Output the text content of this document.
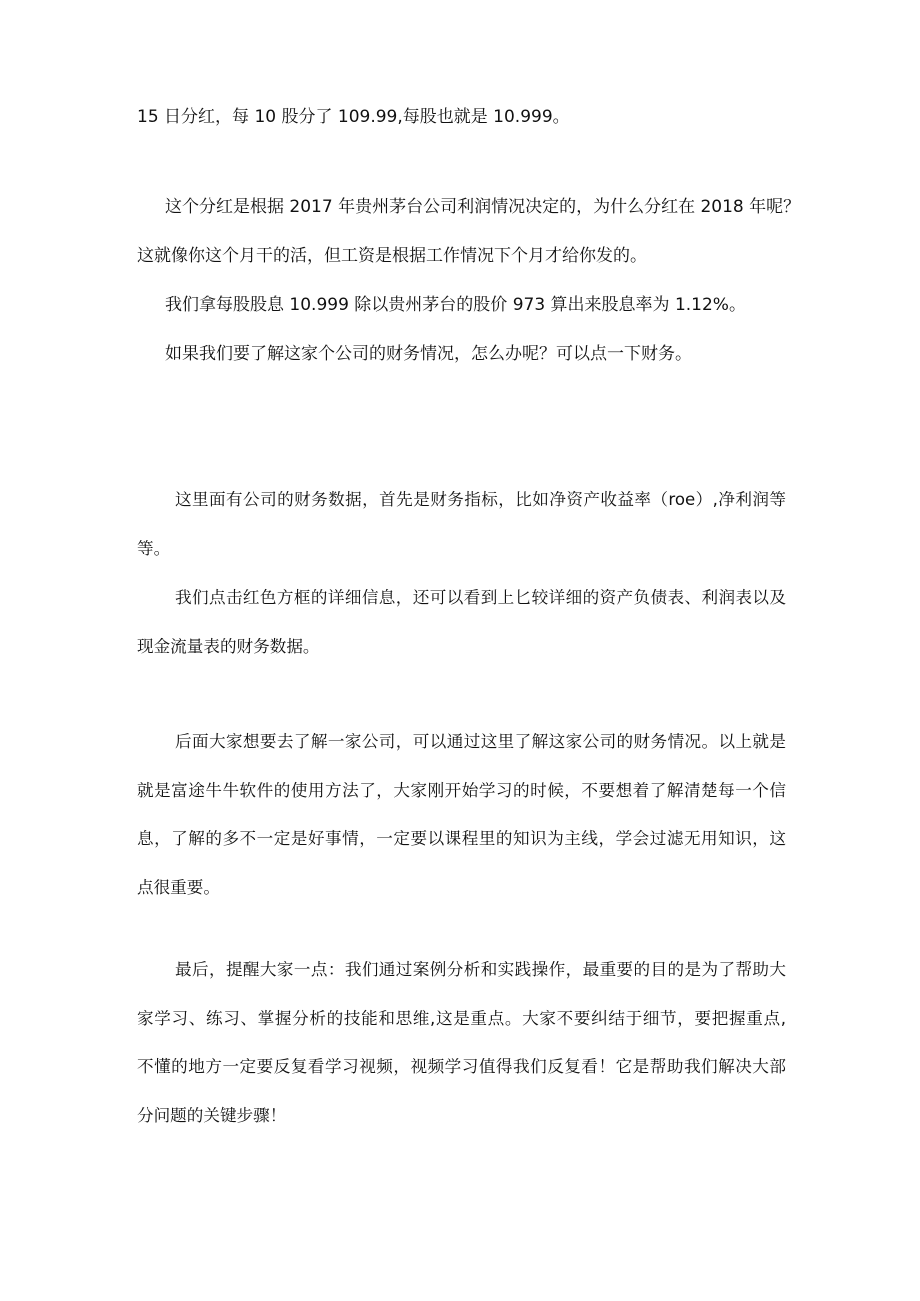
15 日分红，每 10 股分了 109.99,每股也就是 10.999。
这个分红是根据 2017 年贵州茅台公司利润情况决定的，为什么分红在 2018 年呢？
这就像你这个月干的活，但工资是根据工作情况下个月才给你发的。
我们拿每股股息 10.999 除以贵州茅台的股价 973 算出来股息率为 1.12%。
如果我们要了解这家个公司的财务情况，怎么办呢？可以点一下财务。
这里面有公司的财务数据，首先是财务指标，比如净资产收益率（roe）,净利润等
等。
我们点击红色方框的详细信息，还可以看到上匕较详细的资产负债表、利润表以及
现金流量表的财务数据。
后面大家想要去了解一家公司，可以通过这里了解这家公司的财务情况。以上就是
就是富途牛牛软件的使用方法了，大家刚开始学习的时候，不要想着了解清楚每一个信
息，了解的多不一定是好事情，一定要以课程里的知识为主线，学会过滤无用知识，这
点很重要。
最后，提醒大家一点：我们通过案例分析和实践操作，最重要的目的是为了帮助大
家学习、练习、掌握分析的技能和思维,这是重点。大家不要纠结于细节，要把握重点,
不懂的地方一定要反复看学习视频，视频学习值得我们反复看！它是帮助我们解决大部
分问题的关键步骤！
